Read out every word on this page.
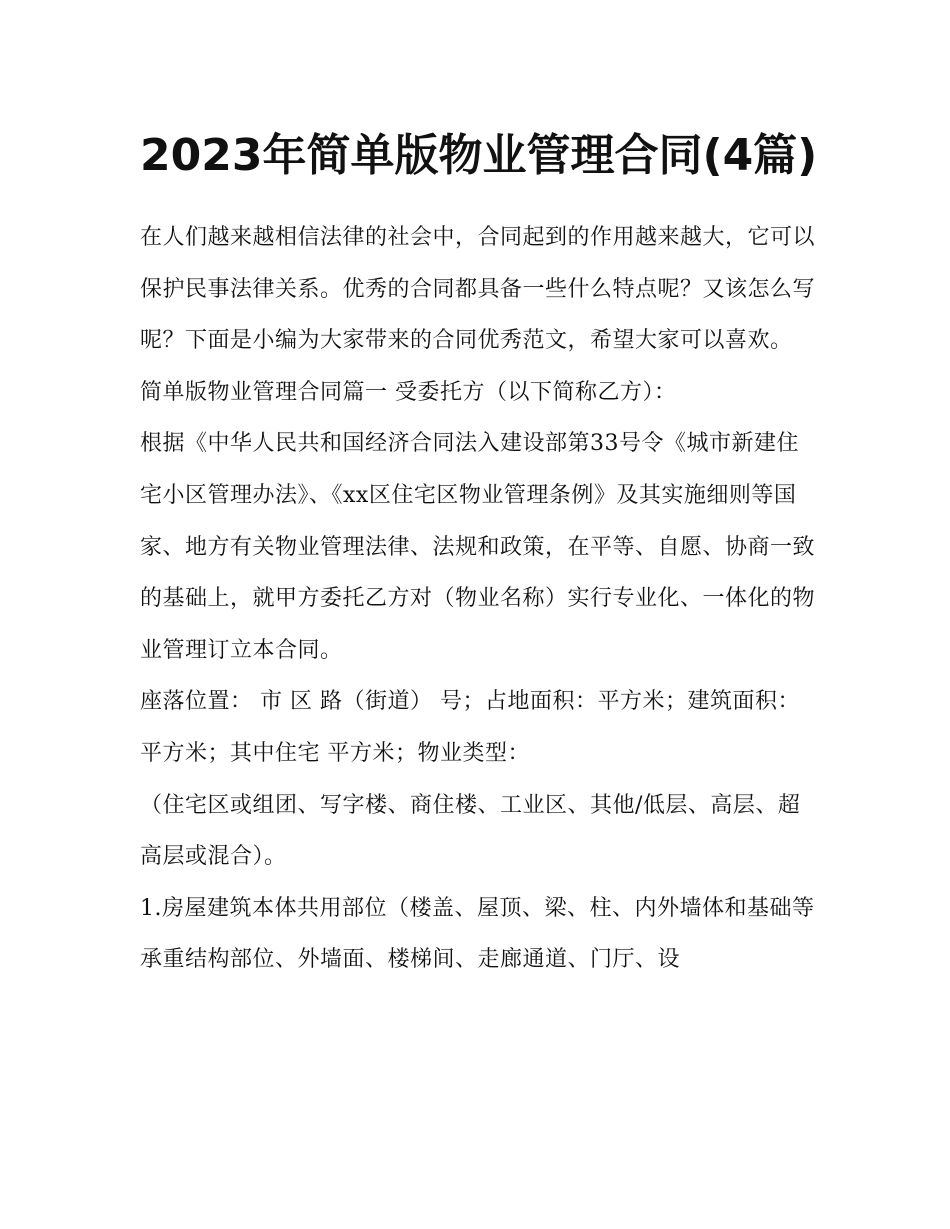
2023年简单版物业管理合同(4篇)

在人们越来越相信法律的社会中，合同起到的作用越来越大，它可以保护民事法律关系。优秀的合同都具备一些什么特点呢？又该怎么写呢？下面是小编为大家带来的合同优秀范文，希望大家可以喜欢。

简单版物业管理合同篇一 受委托方（以下简称乙方）：

根据《中华人民共和国经济合同法入建设部第33号令《城市新建住宅小区管理办法》、《xx区住宅区物业管理条例》及其实施细则等国家、地方有关物业管理法律、法规和政策，在平等、自愿、协商一致的基础上，就甲方委托乙方对（物业名称）实行专业化、一体化的物业管理订立本合同。

座落位置： 市 区 路（街道） 号；占地面积：平方米；建筑面积： 平方米；其中住宅 平方米；物业类型：

（住宅区或组团、写字楼、商住楼、工业区、其他/低层、高层、超高层或混合）。

1.房屋建筑本体共用部位（楼盖、屋顶、梁、柱、内外墙体和基础等承重结构部位、外墙面、楼梯间、走廊通道、门厅、设
